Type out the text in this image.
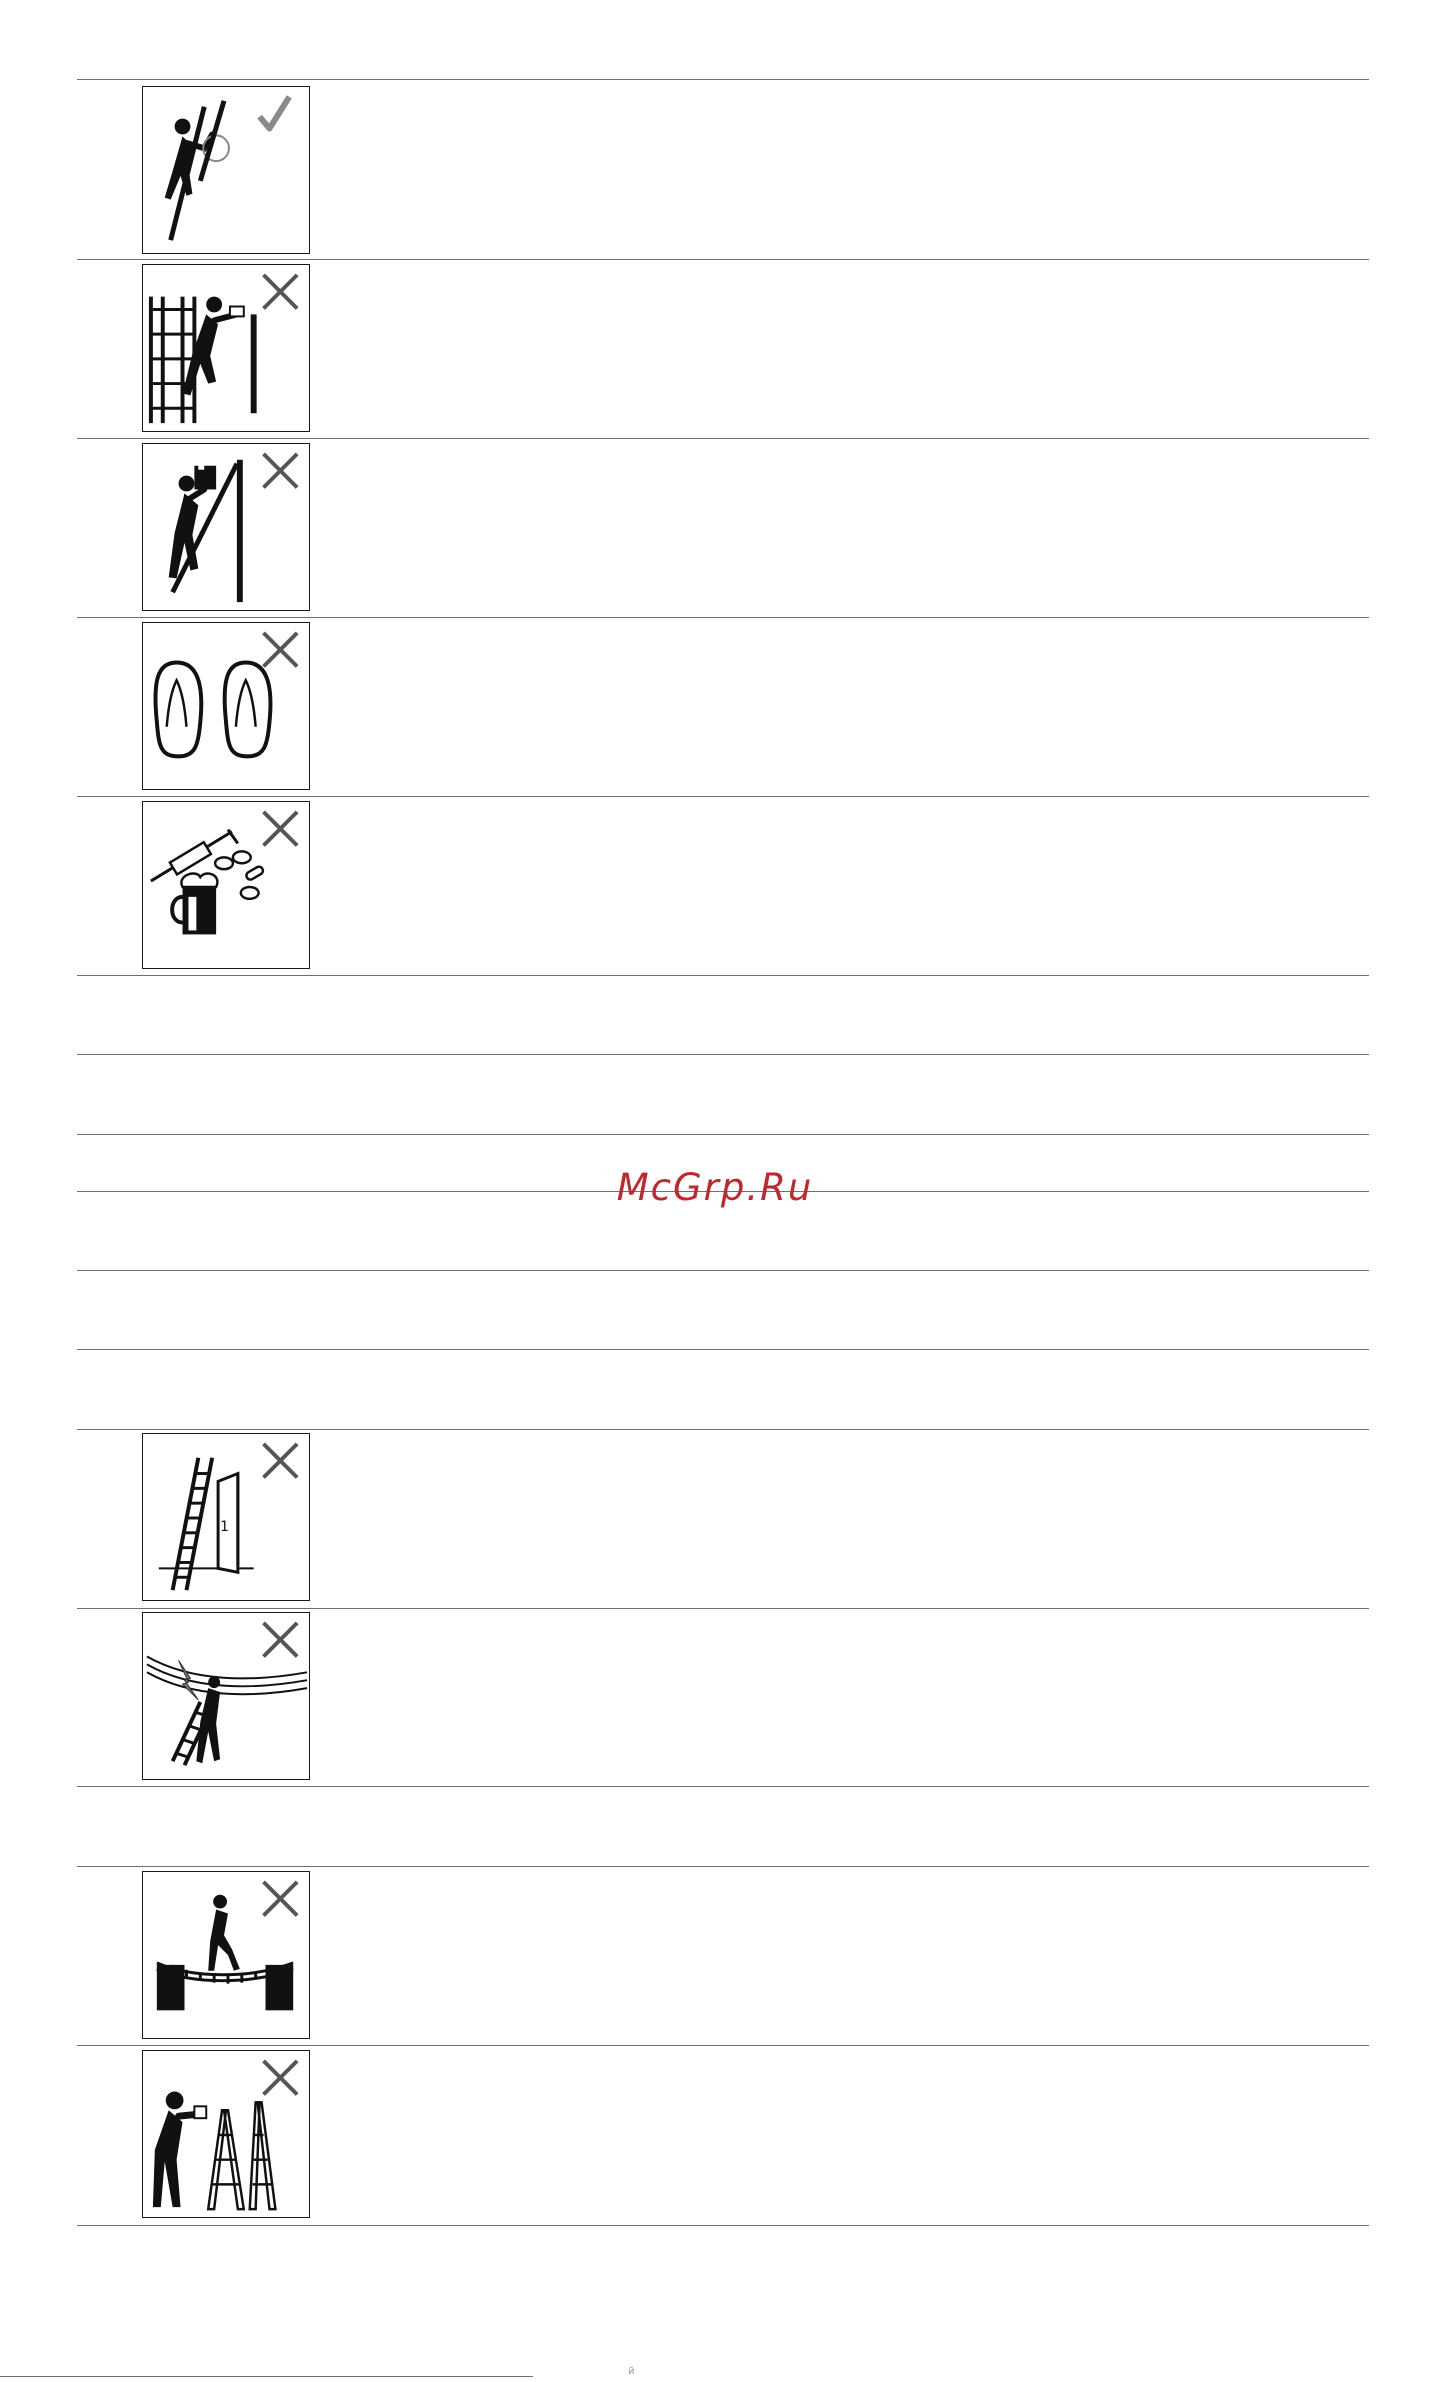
McGrp.Ru
1
й
